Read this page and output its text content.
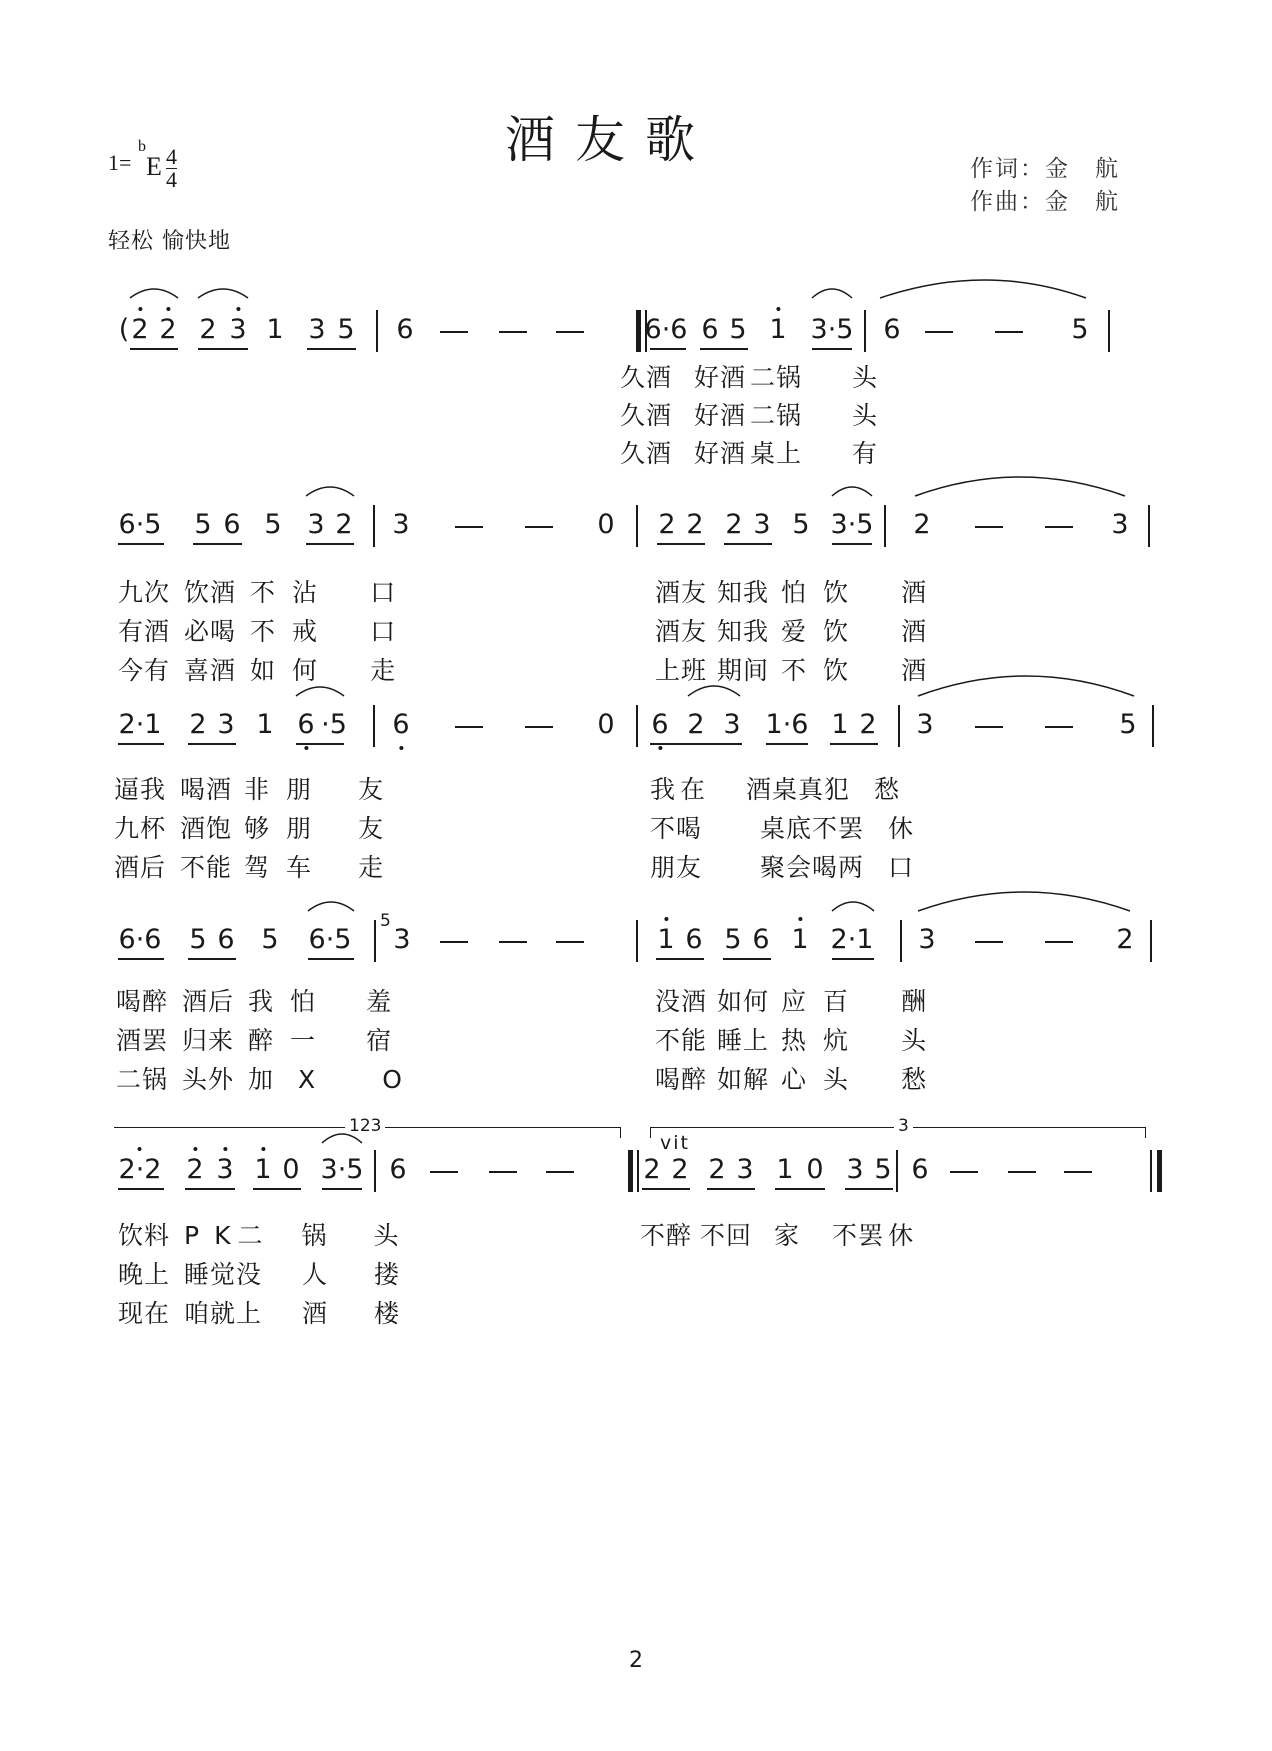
酒友歌	作词：金　航
作曲：金　航
1=
b
E $\frac{4}{4}$
轻松 愉快地
( 2 2 2 3 1 3 5 6	6·6 6 5 1 3·5 6	5
久酒 好酒 二锅 头
久酒 好酒 二锅 头
久酒 好酒 桌上 有
6·5 5 6 5 3 2 3	0 2 2 2 3 5 3·5 2	3
九次 饮酒 不 沾 口
有酒 必喝 不 戒 口
今有 喜酒 如 何 走
酒友 知我 怕 饮 酒
酒友 知我 爱 饮 酒
上班 期间 不 饮 酒
2·1 2 3 1 6 ·5 6	0 6 2 3 1·6 1 2 3	5
逼我 喝酒 非 朋 友
九杯 酒饱 够 朋 友
酒后 不能 驾 车 走
我 在 酒桌真犯 愁
不喝 桌底不罢 休
朋友 聚会喝两 口
6·6 5 6 5 6·5
5
3	1 6 5 6 1 2·1 3	2
喝醉 酒后 我 怕 羞
酒罢 归来 醉 一 宿
二锅 头外 加 X	O
没酒 如何 应 百 酬
不能 睡上 热 炕 头
喝醉 如解 心 头 愁
123	3
vit
2·2 2 3 1 0 3·5 6	2 2 2 3 1 0 3 5 6
饮料 P K 二 锅 头
晚上 睡觉没 人 搂
现在 咱就上 酒 楼
不醉 不回 家 不罢 休
2
